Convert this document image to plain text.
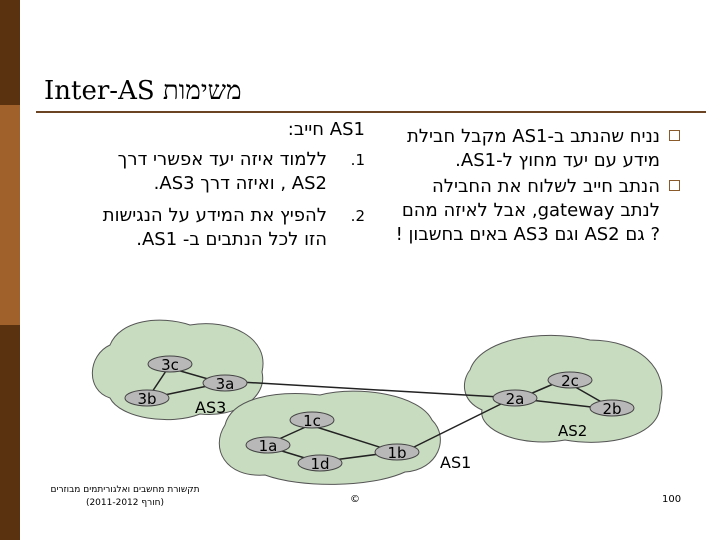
Inter-AS משימות
נניח שהנתב ב-AS1 מקבל חבילת מידע עם יעד מחוץ ל-AS1.
הנתב חייב לשלוח את החבילה לנתב gateway, אבל לאיזה מהם ? גם AS2 וגם AS3 באים בחשבון !
AS1 חייב:
1.
ללמוד איזה יעד אפשרי דרך AS2 , ואיזה דרך AS3.
2.
להפיץ את המידע על הנגישות הזו לכל הנתבים ב- AS1.
3c
3b
3a
2a
2c
2b
1c
1a
1d
1b
AS3
AS2
AS1
תקשורת מחשבים ואלגוריתמים מבוזרים
(חורף 2011-2012)	©	100
